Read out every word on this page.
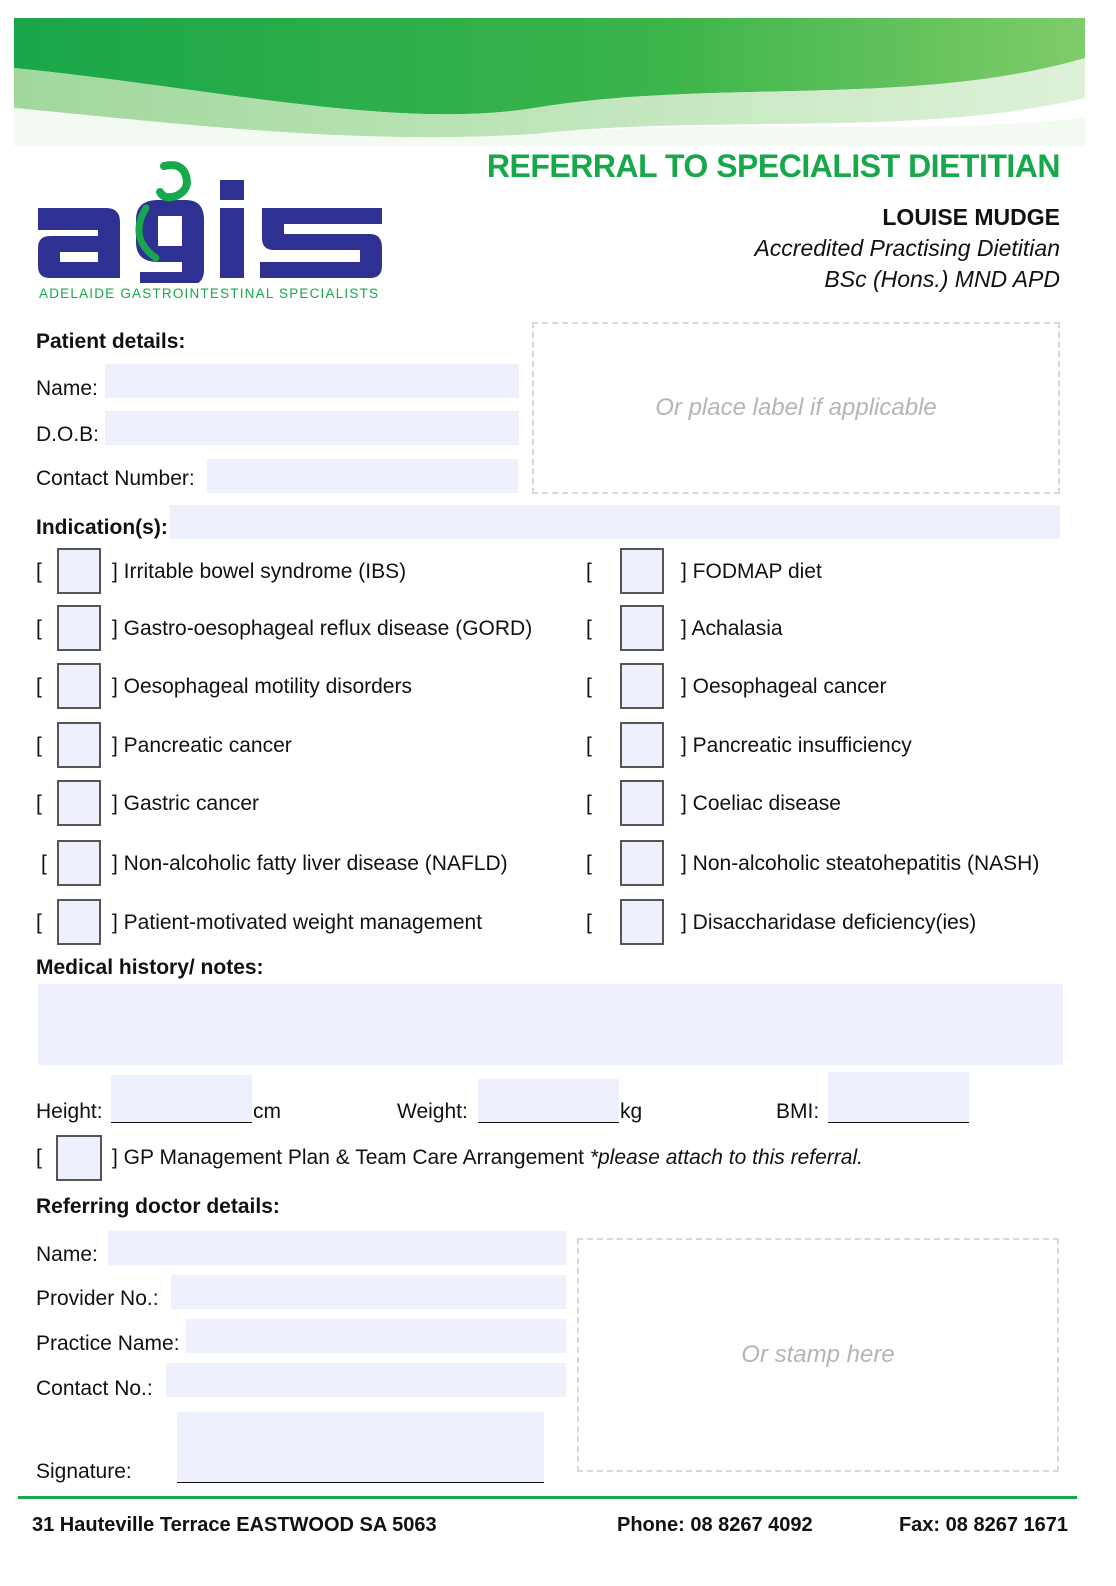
REFERRAL TO SPECIALIST DIETITIAN
LOUISE MUDGE
Accredited Practising Dietitian
BSc (Hons.) MND APD
ADELAIDE GASTROINTESTINAL SPECIALISTS
Patient details:
Name:
D.O.B:
Contact Number:
Or place label if applicable
Indication(s):
[	] Irritable bowel syndrome (IBS)
[	] Gastro-oesophageal reflux disease (GORD)
[	] Oesophageal motility disorders
[	] Pancreatic cancer
[	] Gastric cancer
[	] Non-alcoholic fatty liver disease (NAFLD)
[	] Patient-motivated weight management
[	] FODMAP diet
[	] Achalasia
[	] Oesophageal cancer
[	] Pancreatic insufficiency
[	] Coeliac disease
[	] Non-alcoholic steatohepatitis (NASH)
[	] Disaccharidase deficiency(ies)
Medical history/ notes:
Height:	cm	Weight:	kg	BMI:
[	] GP Management Plan & Team Care Arrangement *please attach to this referral.
Referring doctor details:
Name:
Provider No.:
Practice Name:
Contact No.:
Signature:
Or stamp here
31 Hauteville Terrace EASTWOOD SA 5063	Phone: 08 8267 4092	Fax: 08 8267 1671
